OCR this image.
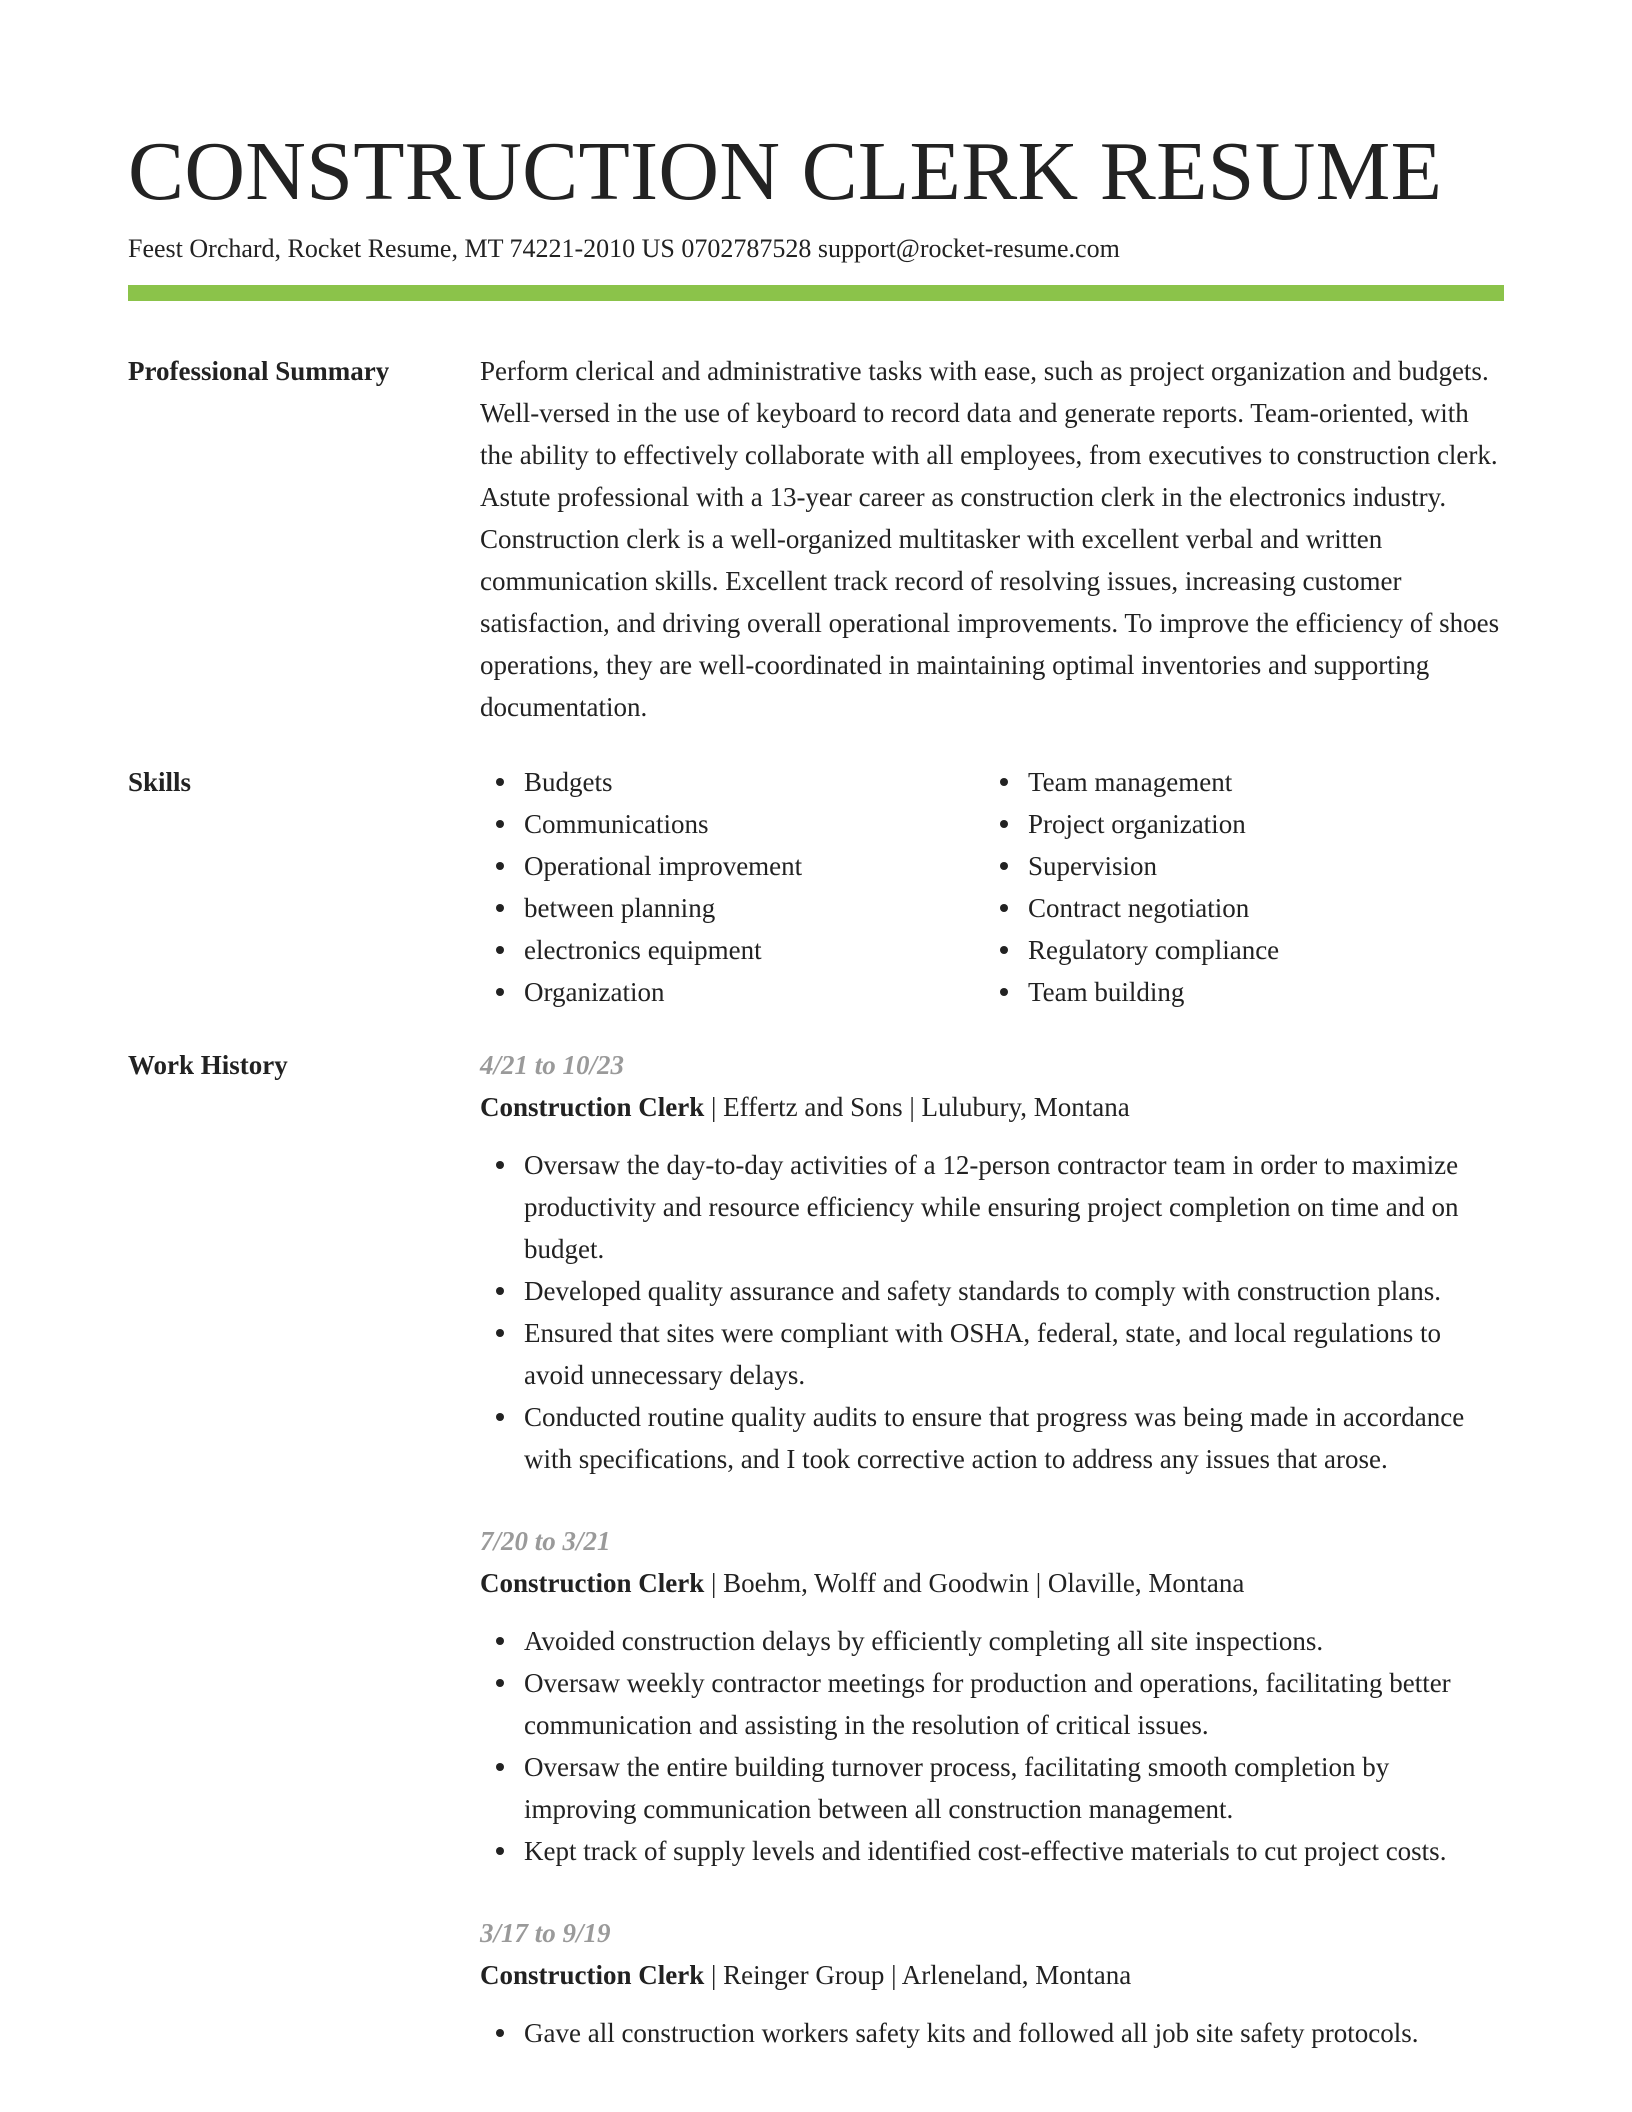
CONSTRUCTION CLERK RESUME
Feest Orchard, Rocket Resume, MT 74221-2010 US 0702787528 support@rocket-resume.com
Professional Summary	Perform clerical and administrative tasks with ease, such as project organization and budgets. Well-versed in the use of keyboard to record data and generate reports. Team-oriented, with the ability to effectively collaborate with all employees, from executives to construction clerk. Astute professional with a 13-year career as construction clerk in the electronics industry. Construction clerk is a well-organized multitasker with excellent verbal and written communication skills. Excellent track record of resolving issues, increasing customer satisfaction, and driving overall operational improvements. To improve the efficiency of shoes operations, they are well-coordinated in maintaining optimal inventories and supporting documentation.
Skills	Budgets
Communications
Operational improvement
between planning
electronics equipment
Organization
Team management
Project organization
Supervision
Contract negotiation
Regulatory compliance
Team building
Work History	4/21 to 10/23
Construction Clerk | Effertz and Sons | Lulubury, Montana
Oversaw the day-to-day activities of a 12-person contractor team in order to maximize productivity and resource efficiency while ensuring project completion on time and on budget.
Developed quality assurance and safety standards to comply with construction plans.
Ensured that sites were compliant with OSHA, federal, state, and local regulations to avoid unnecessary delays.
Conducted routine quality audits to ensure that progress was being made in accordance with specifications, and I took corrective action to address any issues that arose.
7/20 to 3/21
Construction Clerk | Boehm, Wolff and Goodwin | Olaville, Montana
Avoided construction delays by efficiently completing all site inspections.
Oversaw weekly contractor meetings for production and operations, facilitating better communication and assisting in the resolution of critical issues.
Oversaw the entire building turnover process, facilitating smooth completion by improving communication between all construction management.
Kept track of supply levels and identified cost-effective materials to cut project costs.
3/17 to 9/19
Construction Clerk | Reinger Group | Arleneland, Montana
Gave all construction workers safety kits and followed all job site safety protocols.
